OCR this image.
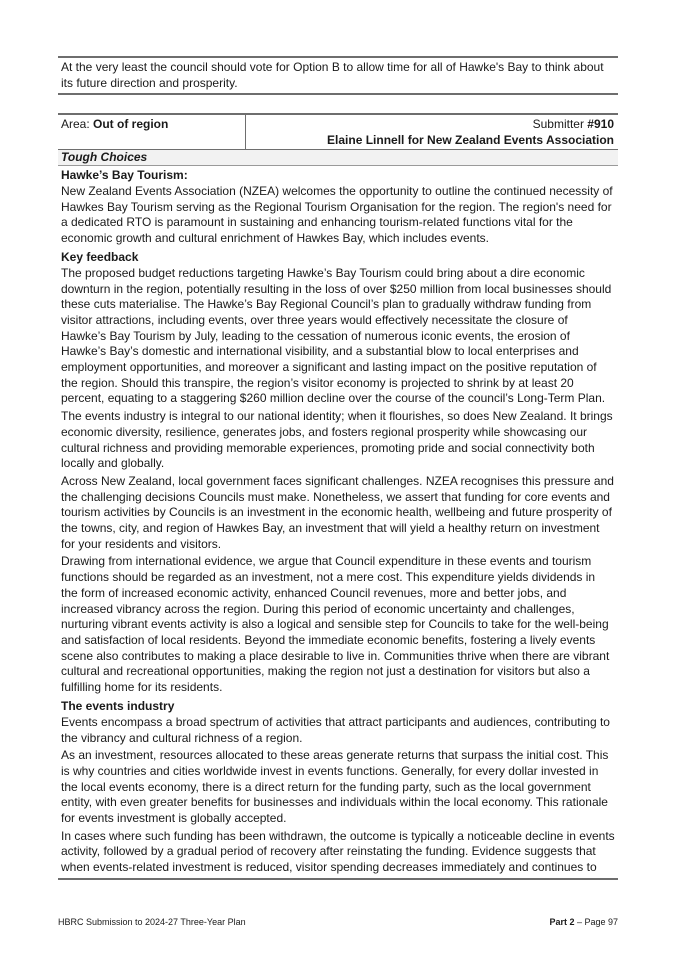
At the very least the council should vote for Option B to allow time for all of Hawke's Bay to think about its future direction and prosperity.
Area: Out of region	Submitter #910
Elaine Linnell for New Zealand Events Association
Tough Choices
Hawke’s Bay Tourism:

New Zealand Events Association (NZEA) welcomes the opportunity to outline the continued necessity of Hawkes Bay Tourism serving as the Regional Tourism Organisation for the region. The region's need for a dedicated RTO is paramount in sustaining and enhancing tourism-related functions vital for the economic growth and cultural enrichment of Hawkes Bay, which includes events.

Key feedback

The proposed budget reductions targeting Hawke’s Bay Tourism could bring about a dire economic downturn in the region, potentially resulting in the loss of over $250 million from local businesses should these cuts materialise. The Hawke’s Bay Regional Council’s plan to gradually withdraw funding from visitor attractions, including events, over three years would effectively necessitate the closure of Hawke’s Bay Tourism by July, leading to the cessation of numerous iconic events, the erosion of Hawke’s Bay’s domestic and international visibility, and a substantial blow to local enterprises and employment opportunities, and moreover a significant and lasting impact on the positive reputation of the region. Should this transpire, the region’s visitor economy is projected to shrink by at least 20 percent, equating to a staggering $260 million decline over the course of the council’s Long-Term Plan.

The events industry is integral to our national identity; when it flourishes, so does New Zealand. It brings economic diversity, resilience, generates jobs, and fosters regional prosperity while showcasing our cultural richness and providing memorable experiences, promoting pride and social connectivity both locally and globally.

Across New Zealand, local government faces significant challenges. NZEA recognises this pressure and the challenging decisions Councils must make. Nonetheless, we assert that funding for core events and tourism activities by Councils is an investment in the economic health, wellbeing and future prosperity of the towns, city, and region of Hawkes Bay, an investment that will yield a healthy return on investment for your residents and visitors.

Drawing from international evidence, we argue that Council expenditure in these events and tourism functions should be regarded as an investment, not a mere cost. This expenditure yields dividends in the form of increased economic activity, enhanced Council revenues, more and better jobs, and increased vibrancy across the region. During this period of economic uncertainty and challenges, nurturing vibrant events activity is also a logical and sensible step for Councils to take for the well-being and satisfaction of local residents. Beyond the immediate economic benefits, fostering a lively events scene also contributes to making a place desirable to live in. Communities thrive when there are vibrant cultural and recreational opportunities, making the region not just a destination for visitors but also a fulfilling home for its residents.

The events industry

Events encompass a broad spectrum of activities that attract participants and audiences, contributing to the vibrancy and cultural richness of a region.

As an investment, resources allocated to these areas generate returns that surpass the initial cost. This is why countries and cities worldwide invest in events functions. Generally, for every dollar invested in the local events economy, there is a direct return for the funding party, such as the local government entity, with even greater benefits for businesses and individuals within the local economy. This rationale for events investment is globally accepted.

In cases where such funding has been withdrawn, the outcome is typically a noticeable decline in events activity, followed by a gradual period of recovery after reinstating the funding. Evidence suggests that when events-related investment is reduced, visitor spending decreases immediately and continues to

HBRC Submission to 2024-27 Three-Year Plan	Part 2 – Page 97
